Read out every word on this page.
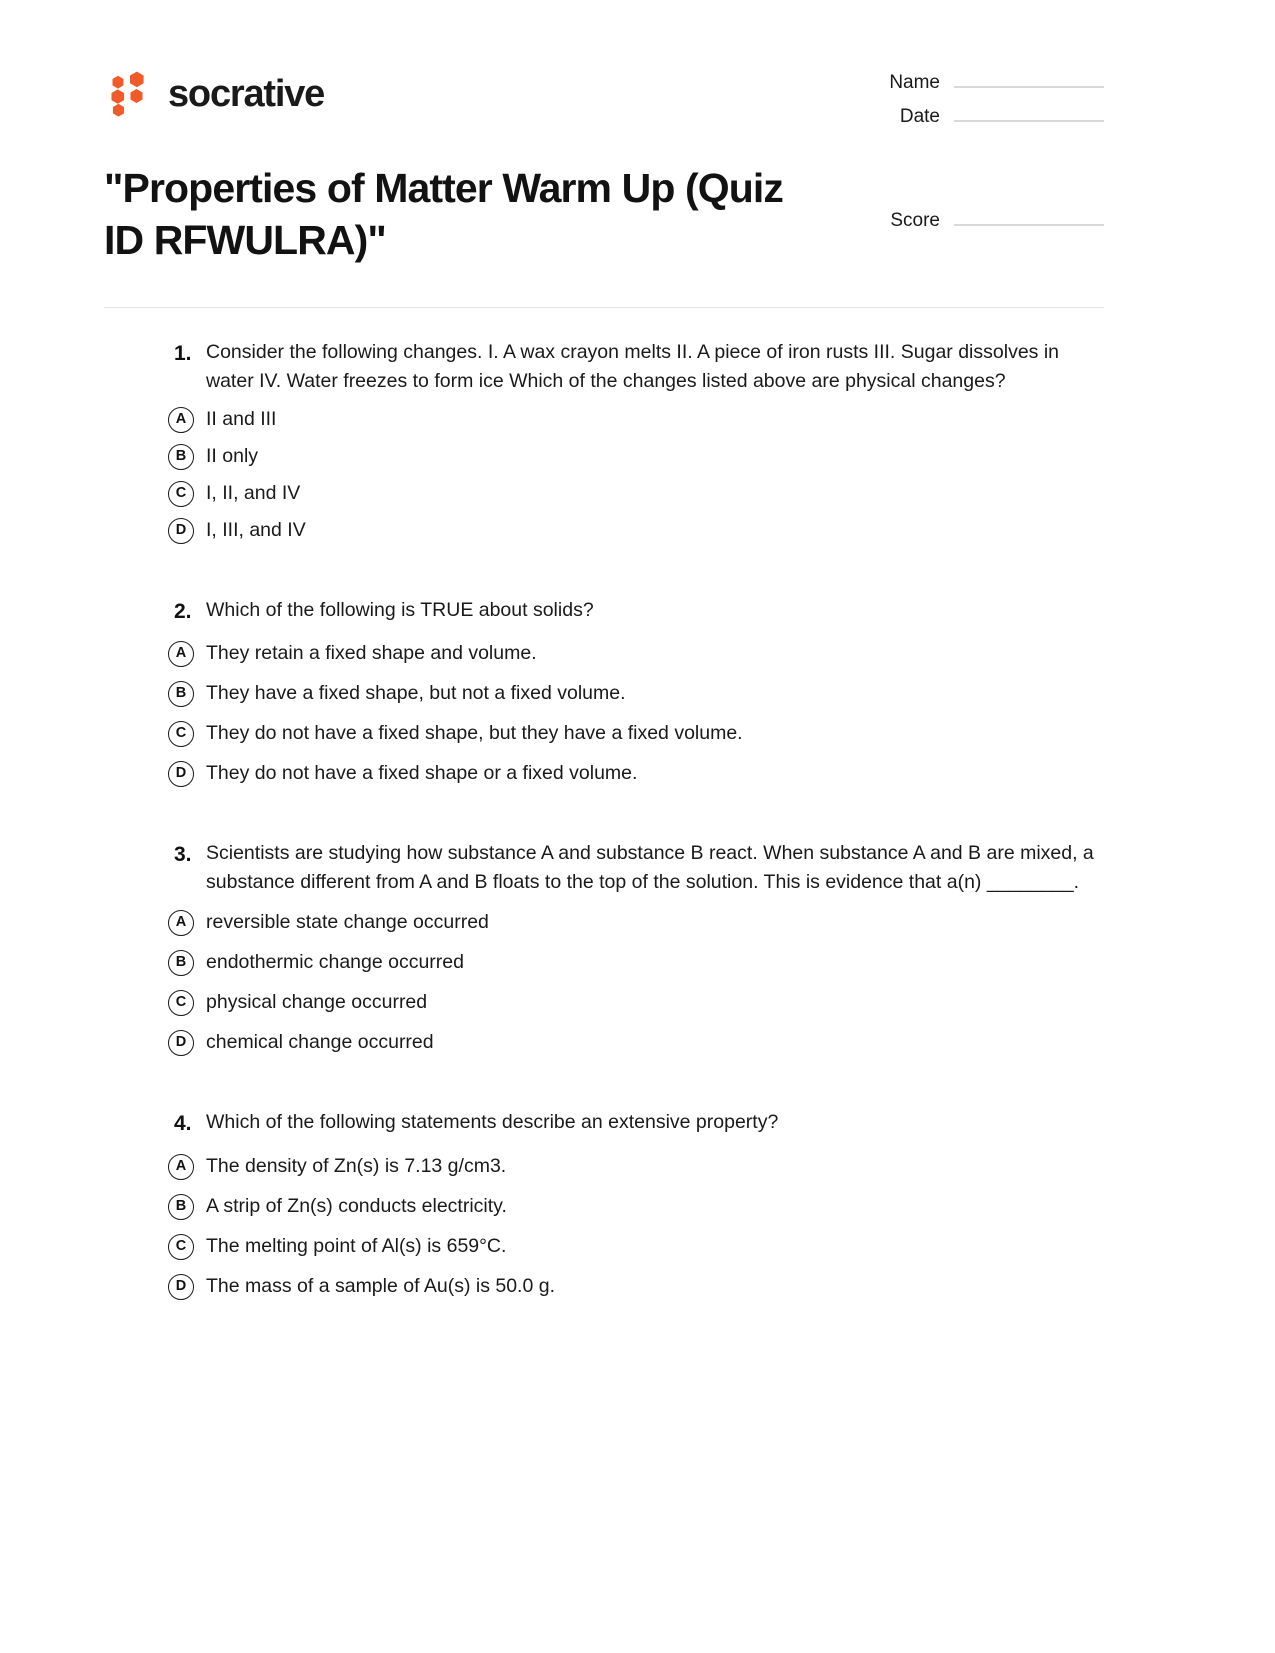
socrative	Name
Date
"Properties of Matter Warm Up (Quiz ID RFWULRA)"	Score
1. Consider the following changes. I. A wax crayon melts II. A piece of iron rusts III. Sugar dissolves in water IV. Water freezes to form ice Which of the changes listed above are physical changes?
A	II and III
B	II only
C	I, II, and IV
D	I, III, and IV
2. Which of the following is TRUE about solids?
A	They retain a fixed shape and volume.
B	They have a fixed shape, but not a fixed volume.
C	They do not have a fixed shape, but they have a fixed volume.
D	They do not have a fixed shape or a fixed volume.
3. Scientists are studying how substance A and substance B react. When substance A and B are mixed, a substance different from A and B floats to the top of the solution. This is evidence that a(n) ________.
A	reversible state change occurred
B	endothermic change occurred
C	physical change occurred
D	chemical change occurred
4. Which of the following statements describe an extensive property?
A	The density of Zn(s) is 7.13 g/cm3.
B	A strip of Zn(s) conducts electricity.
C	The melting point of Al(s) is 659°C.
D	The mass of a sample of Au(s) is 50.0 g.
